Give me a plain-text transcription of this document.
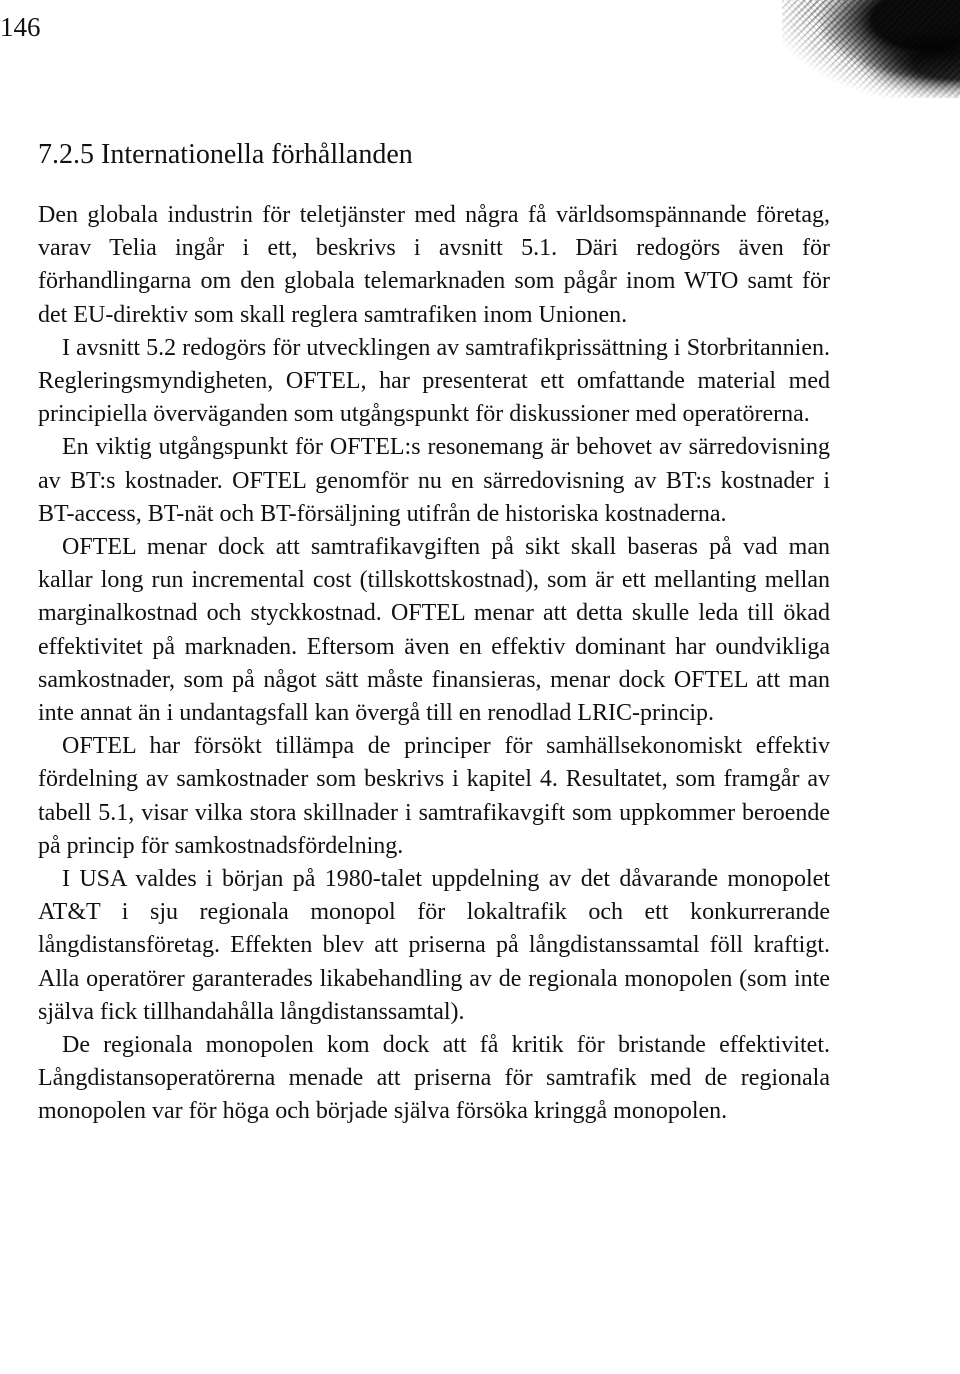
146
7.2.5 Internationella förhållanden

Den globala industrin för teletjänster med några få världsomspännande företag, varav Telia ingår i ett, beskrivs i avsnitt 5.1. Däri redogörs även för förhandlingarna om den globala telemarknaden som pågår inom WTO samt för det EU-direktiv som skall reglera samtrafiken inom Unionen.

I avsnitt 5.2 redogörs för utvecklingen av samtrafikprissättning i Storbritannien. Regleringsmyndigheten, OFTEL, har presenterat ett omfattande material med principiella överväganden som utgångspunkt för diskussioner med operatörerna.

En viktig utgångspunkt för OFTEL:s resonemang är behovet av särredovisning av BT:s kostnader. OFTEL genomför nu en särredovisning av BT:s kostnader i BT-access, BT-nät och BT-försäljning utifrån de historiska kostnaderna.

OFTEL menar dock att samtrafikavgiften på sikt skall baseras på vad man kallar long run incremental cost (tillskottskostnad), som är ett mellanting mellan marginalkostnad och styckkostnad. OFTEL menar att detta skulle leda till ökad effektivitet på marknaden. Eftersom även en effektiv dominant har oundvikliga samkostnader, som på något sätt måste finansieras, menar dock OFTEL att man inte annat än i undantagsfall kan övergå till en renodlad LRIC-princip.

OFTEL har försökt tillämpa de principer för samhällsekonomiskt effektiv fördelning av samkostnader som beskrivs i kapitel 4. Resultatet, som framgår av tabell 5.1, visar vilka stora skillnader i samtrafikavgift som uppkommer beroende på princip för samkostnadsfördelning.

I USA valdes i början på 1980-talet uppdelning av det dåvarande monopolet AT&T i sju regionala monopol för lokaltrafik och ett konkurrerande långdistansföretag. Effekten blev att priserna på långdistanssamtal föll kraftigt. Alla operatörer garanterades likabehandling av de regionala monopolen (som inte själva fick tillhandahålla långdistanssamtal).

De regionala monopolen kom dock att få kritik för bristande effektivitet. Långdistansoperatörerna menade att priserna för samtrafik med de regionala monopolen var för höga och började själva försöka kringgå monopolen.
